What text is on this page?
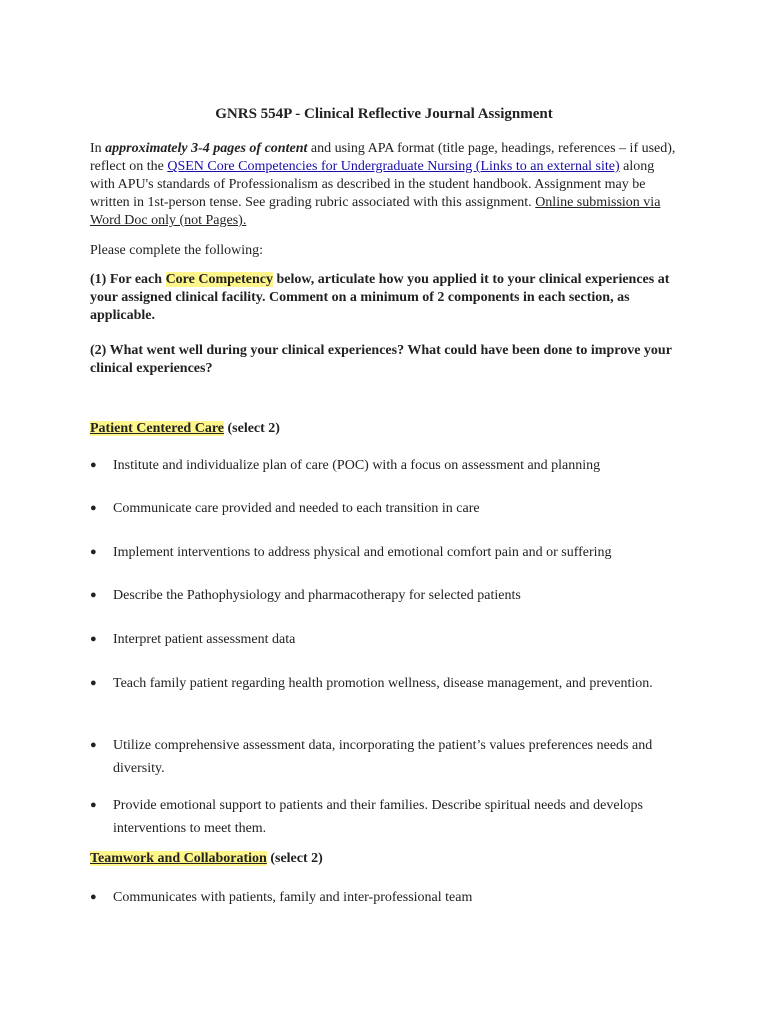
GNRS 554P - Clinical Reflective Journal Assignment
In approximately 3-4 pages of content and using APA format (title page, headings, references – if used), reflect on the QSEN Core Competencies for Undergraduate Nursing (Links to an external site) along with APU's standards of Professionalism as described in the student handbook. Assignment may be written in 1st-person tense. See grading rubric associated with this assignment. Online submission via Word Doc only (not Pages).
Please complete the following:
(1) For each Core Competency below, articulate how you applied it to your clinical experiences at your assigned clinical facility. Comment on a minimum of 2 components in each section, as applicable.
(2) What went well during your clinical experiences? What could have been done to improve your clinical experiences?
Patient Centered Care (select 2)
●	Institute and individualize plan of care (POC) with a focus on assessment and planning
●	Communicate care provided and needed to each transition in care
●	Implement interventions to address physical and emotional comfort pain and or suffering
●	Describe the Pathophysiology and pharmacotherapy for selected patients
●	Interpret patient assessment data
●	Teach family patient regarding health promotion wellness, disease management, and prevention.
●	Utilize comprehensive assessment data, incorporating the patient’s values preferences needs and diversity.
●	Provide emotional support to patients and their families. Describe spiritual needs and develops interventions to meet them.
Teamwork and Collaboration (select 2)
●	Communicates with patients, family and inter-professional team
